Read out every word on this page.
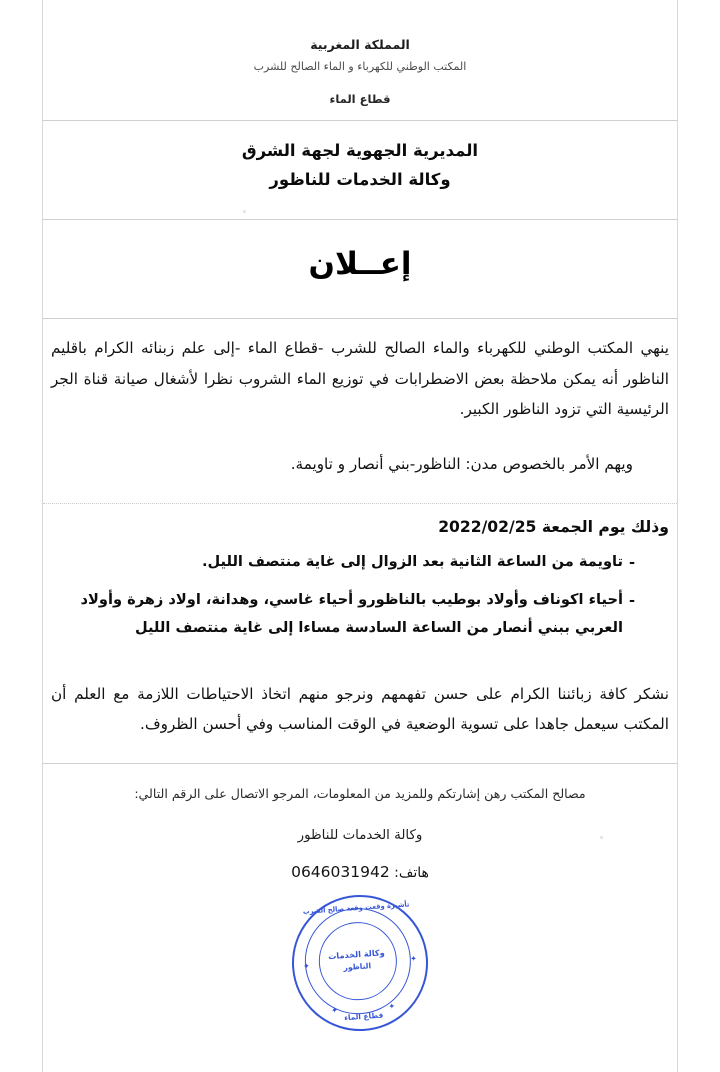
المملكة المغربية
المكتب الوطني للكهرباء و الماء الصالح للشرب
قطاع الماء
المديرية الجهوية لجهة الشرق
وكالة الخدمات للناظور
إعــلان

ينهي المكتب الوطني للكهرباء والماء الصالح للشرب -قطاع الماء -إلى علم زبنائه الكرام باقليم الناظور أنه يمكن ملاحظة بعض الاضطرابات في توزيع الماء الشروب نظرا لأشغال صيانة قناة الجر الرئيسية التي تزود الناظور الكبير.

ويهم الأمر بالخصوص مدن: الناظور-بني أنصار و تاويمة.
وذلك يوم الجمعة 2022/02/25
-
تاويمة من الساعة الثانية بعد الزوال إلى غاية منتصف الليل.
-
أحياء اكوناف وأولاد بوطيب بالناظورو أحياء غاسي، وهدانة، اولاد زهرة وأولاد العربي ببني أنصار من الساعة السادسة مساءا إلى غاية منتصف الليل

نشكر كافة زبائننا الكرام على حسن تفهمهم ونرجو منهم اتخاذ الاحتياطات اللازمة مع العلم أن المكتب سيعمل جاهدا على تسوية الوضعية في الوقت المناسب وفي أحسن الظروف.

مصالح المكتب رهن إشارتكم وللمزيد من المعلومات، المرجو الاتصال على الرقم التالي:
وكالة الخدمات للناظور
هاتف: 0646031942
تأشيرة وقعت وقعة صالح الشرب
وكالة الخدمات
الناظور
قطاع الماء
✦
✦
✦	✦
